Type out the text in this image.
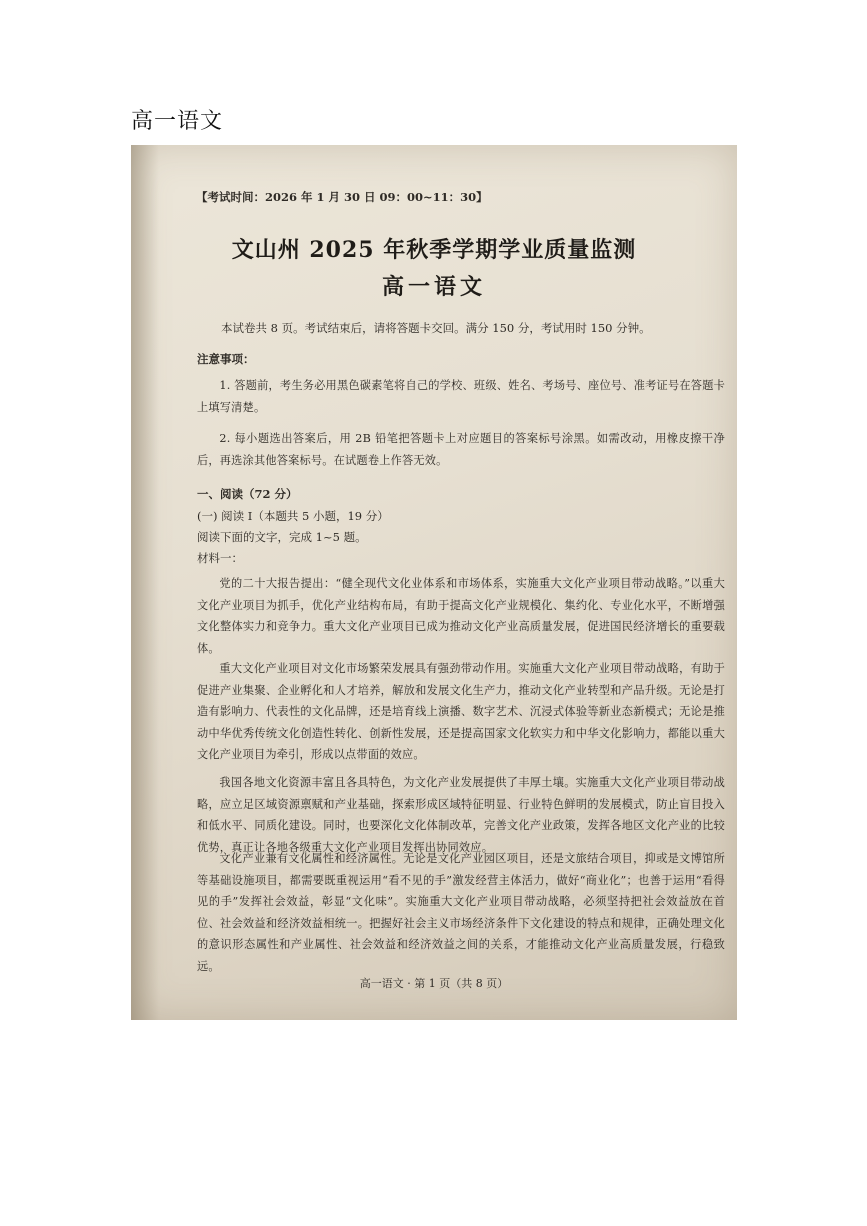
高一语文
【考试时间：2026 年 1 月 30 日 09：00~11：30】
文山州 2025 年秋季学期学业质量监测
高一语文
本试卷共 8 页。考试结束后，请将答题卡交回。满分 150 分，考试用时 150 分钟。
注意事项：
1. 答题前，考生务必用黑色碳素笔将自己的学校、班级、姓名、考场号、座位号、准考证号在答题卡上填写清楚。
2. 每小题选出答案后，用 2B 铅笔把答题卡上对应题目的答案标号涂黑。如需改动，用橡皮擦干净后，再选涂其他答案标号。在试题卷上作答无效。
一、阅读（72 分）
(一) 阅读 I（本题共 5 小题，19 分）
阅读下面的文字，完成 1~5 题。
材料一：
党的二十大报告提出：“健全现代文化业体系和市场体系，实施重大文化产业项目带动战略。”以重大文化产业项目为抓手，优化产业结构布局，有助于提高文化产业规模化、集约化、专业化水平，不断增强文化整体实力和竞争力。重大文化产业项目已成为推动文化产业高质量发展，促进国民经济增长的重要载体。
重大文化产业项目对文化市场繁荣发展具有强劲带动作用。实施重大文化产业项目带动战略，有助于促进产业集聚、企业孵化和人才培养，解放和发展文化生产力，推动文化产业转型和产品升级。无论是打造有影响力、代表性的文化品牌，还是培育线上演播、数字艺术、沉浸式体验等新业态新模式；无论是推动中华优秀传统文化创造性转化、创新性发展，还是提高国家文化软实力和中华文化影响力，都能以重大文化产业项目为牵引，形成以点带面的效应。
我国各地文化资源丰富且各具特色，为文化产业发展提供了丰厚土壤。实施重大文化产业项目带动战略，应立足区域资源禀赋和产业基础，探索形成区域特征明显、行业特色鲜明的发展模式，防止盲目投入和低水平、同质化建设。同时，也要深化文化体制改革，完善文化产业政策，发挥各地区文化产业的比较优势，真正让各地各级重大文化产业项目发挥出协同效应。
文化产业兼有文化属性和经济属性。无论是文化产业园区项目，还是文旅结合项目，抑或是文博馆所等基础设施项目，都需要既重视运用“看不见的手”激发经营主体活力，做好“商业化”；也善于运用“看得见的手”发挥社会效益，彰显“文化味”。实施重大文化产业项目带动战略，必须坚持把社会效益放在首位、社会效益和经济效益相统一。把握好社会主义市场经济条件下文化建设的特点和规律，正确处理文化的意识形态属性和产业属性、社会效益和经济效益之间的关系，才能推动文化产业高质量发展，行稳致远。
高一语文 · 第 1 页（共 8 页）
